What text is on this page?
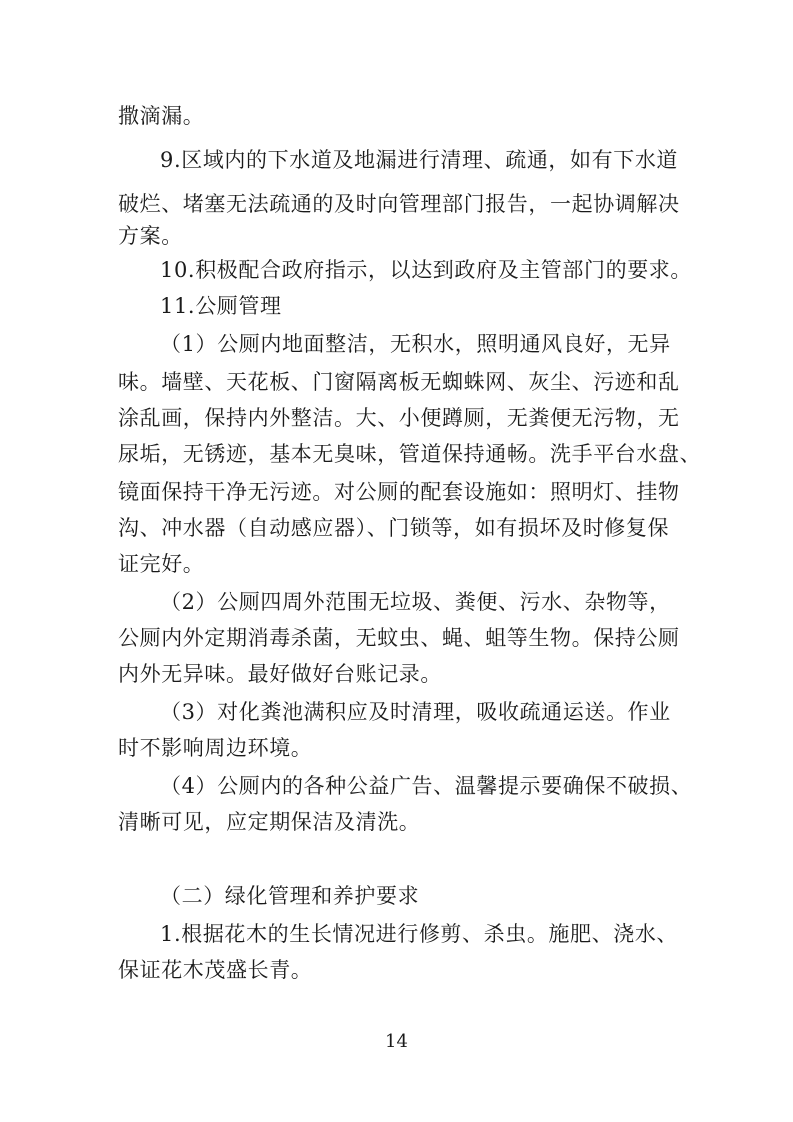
撒滴漏。
9.区域内的下水道及地漏进行清理、疏通，如有下水道
破烂、堵塞无法疏通的及时向管理部门报告，一起协调解决
方案。
10.积极配合政府指示，以达到政府及主管部门的要求。
11.公厕管理
（1）公厕内地面整洁，无积水，照明通风良好，无异
味。墙壁、天花板、门窗隔离板无蜘蛛网、灰尘、污迹和乱
涂乱画，保持内外整洁。大、小便蹲厕，无粪便无污物，无
尿垢，无锈迹，基本无臭味，管道保持通畅。洗手平台水盘、
镜面保持干净无污迹。对公厕的配套设施如：照明灯、挂物
沟、冲水器（自动感应器）、门锁等，如有损坏及时修复保
证完好。
（2）公厕四周外范围无垃圾、粪便、污水、杂物等，
公厕内外定期消毒杀菌，无蚊虫、蝇、蛆等生物。保持公厕
内外无异味。最好做好台账记录。
（3）对化粪池满积应及时清理，吸收疏通运送。作业
时不影响周边环境。
（4）公厕内的各种公益广告、温馨提示要确保不破损、
清晰可见，应定期保洁及清洗。
（二）绿化管理和养护要求
1.根据花木的生长情况进行修剪、杀虫。施肥、浇水、
保证花木茂盛长青。
14
